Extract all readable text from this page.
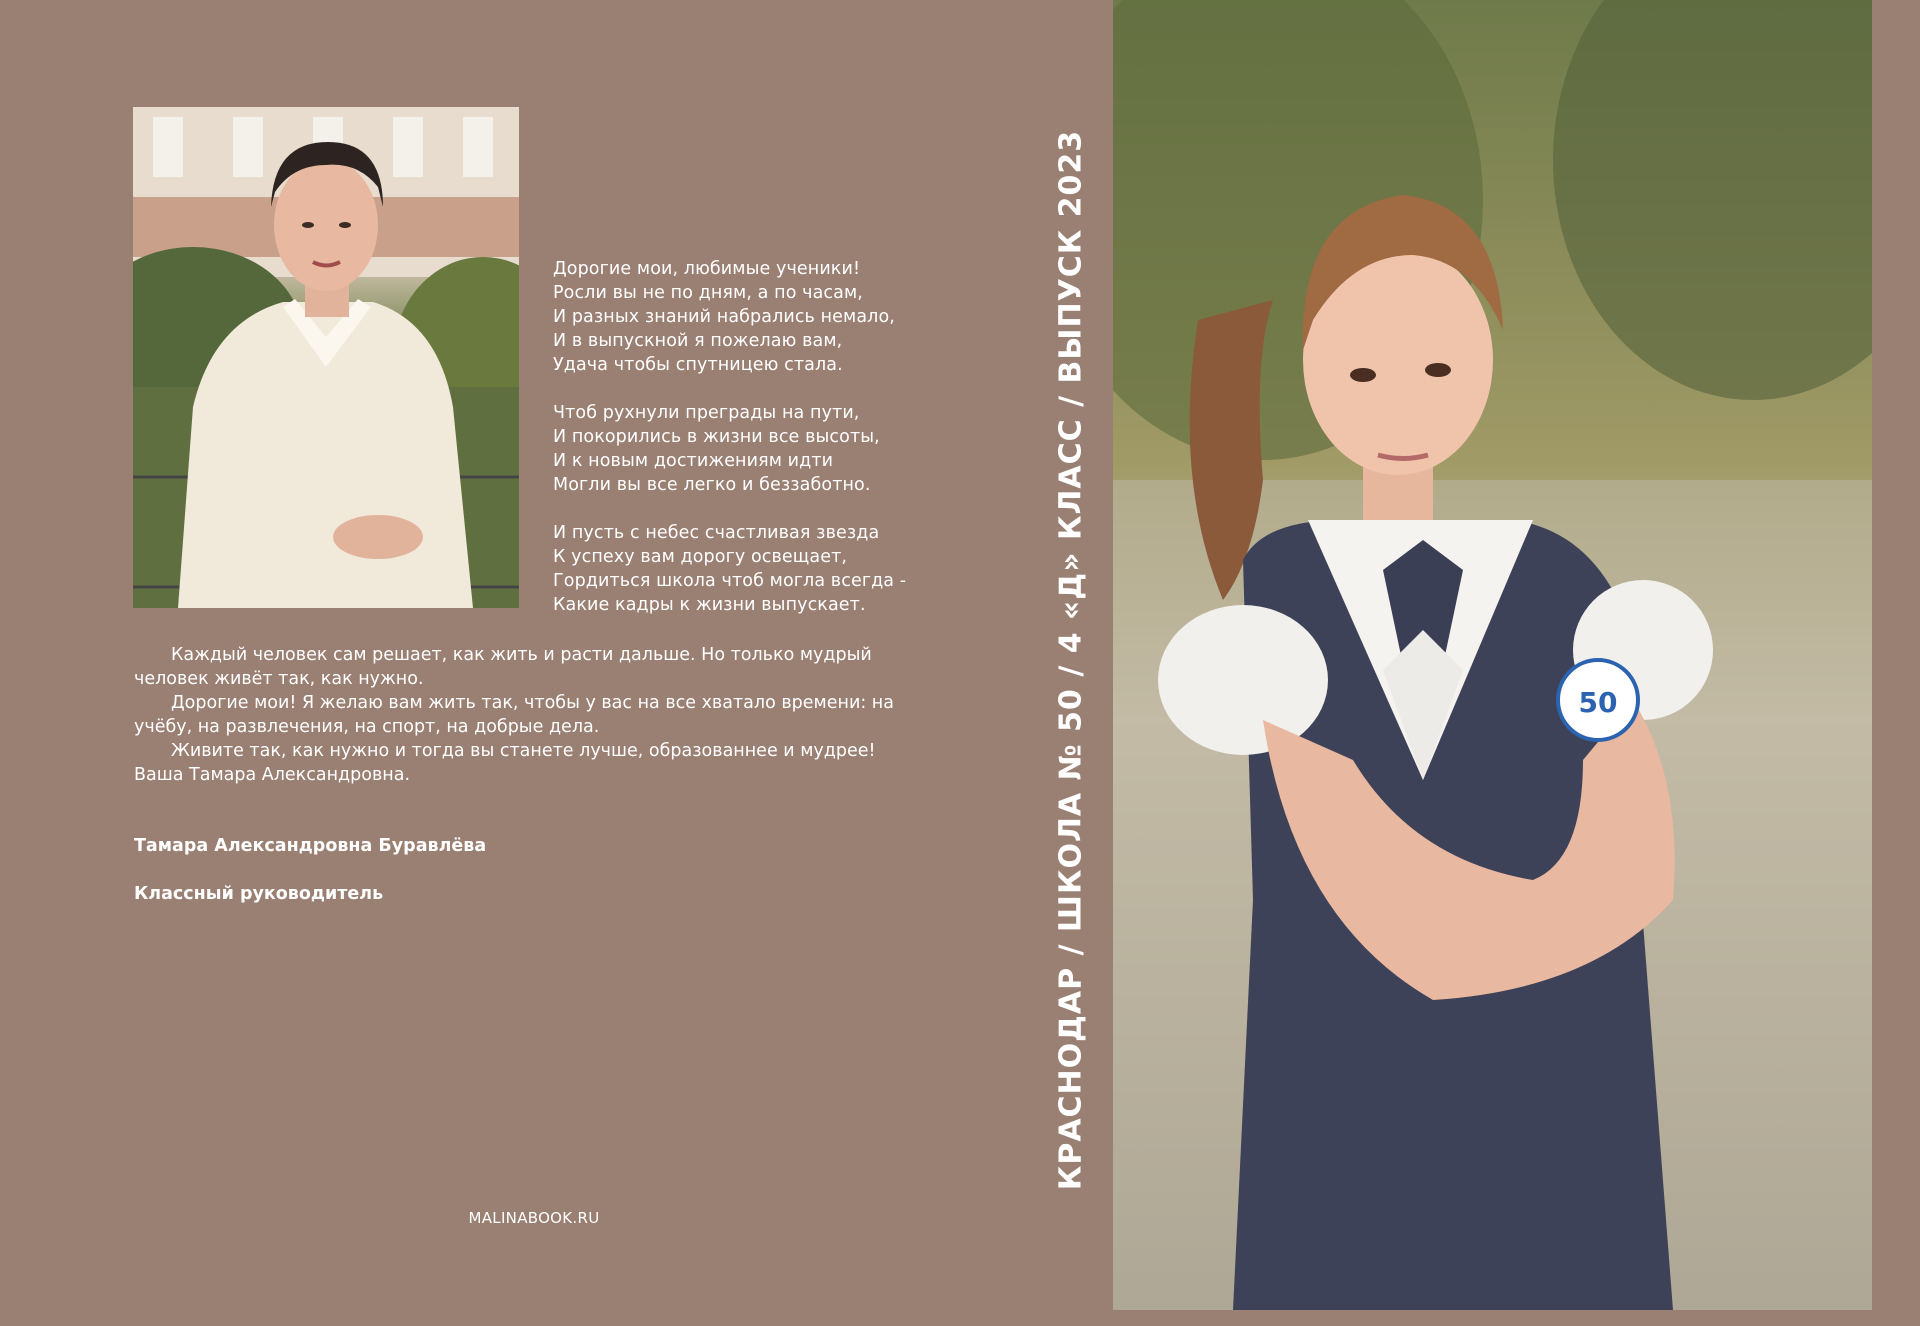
Дорогие мои, любимые ученики!
Росли вы не по дням, а по часам,
И разных знаний набрались немало,
И в выпускной я пожелаю вам,
Удача чтобы спутницею стала.
Чтоб рухнули преграды на пути,
И покорились в жизни все высоты,
И к новым достижениям идти
Могли вы все легко и беззаботно.
И пусть с небес счастливая звезда
К успеху вам дорогу освещает,
Гордиться школа чтоб могла всегда -
Какие кадры к жизни выпускает.
Каждый человек сам решает, как жить и расти дальше. Но только мудрый человек живёт так, как нужно.
Дорогие мои! Я желаю вам жить так, чтобы у вас на все хватало времени: на учёбу, на развлечения, на спорт, на добрые дела.
Живите так, как нужно и тогда вы станете лучше, образованнее и мудрее!
Ваша Тамара Александровна.
Тамара Александровна Буравлёва
Классный руководитель
MALINABOOK.RU
КРАСНОДАР / ШКОЛА № 50 / 4 «Д» КЛАСС / ВЫПУСК 2023	50
